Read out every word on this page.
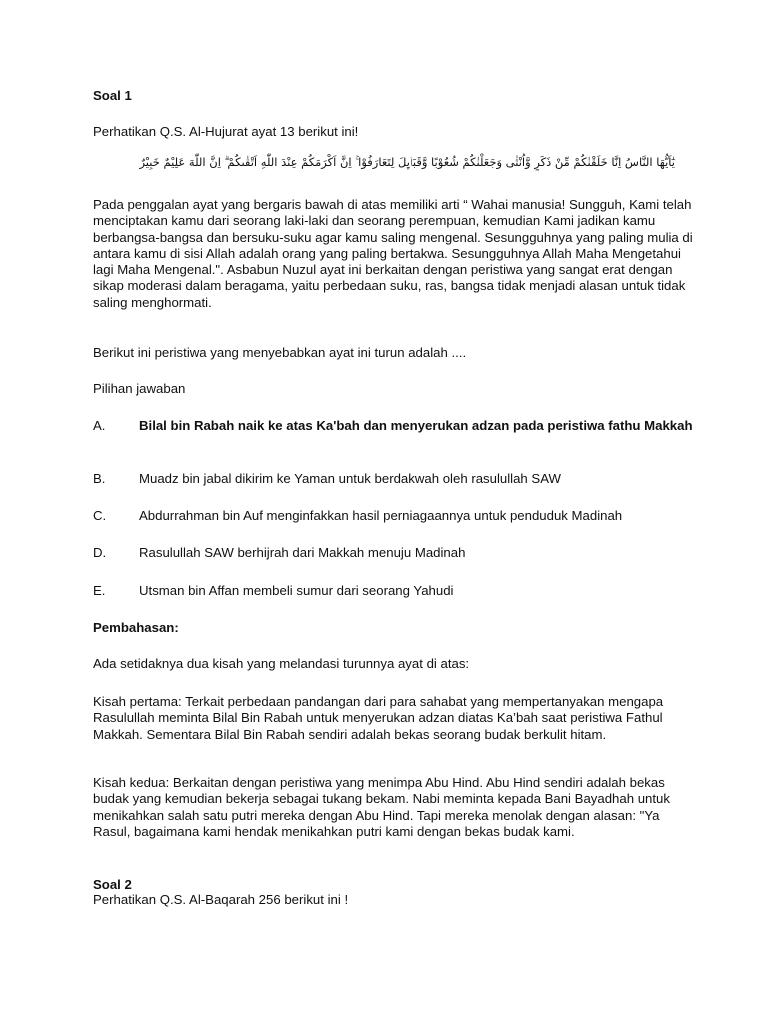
Soal 1

Perhatikan Q.S. Al-Hujurat ayat 13 berikut ini!

يٰٓاَيُّهَا النَّاسُ اِنَّا خَلَقْنٰكُمْ مِّنْ ذَكَرٍ وَّاُنْثٰى وَجَعَلْنٰكُمْ شُعُوْبًا وَّقَبَاۤىِٕلَ لِتَعَارَفُوْا ۚ اِنَّ اَكْرَمَكُمْ عِنْدَ اللّٰهِ اَتْقٰىكُمْ ۗ اِنَّ اللّٰهَ عَلِيْمٌ خَبِيْرٌ

Pada penggalan ayat yang bergaris bawah di atas memiliki arti “ Wahai manusia! Sungguh, Kami telah menciptakan kamu dari seorang laki-laki dan seorang perempuan, kemudian Kami jadikan kamu berbangsa-bangsa dan bersuku-suku agar kamu saling mengenal. Sesungguhnya yang paling mulia di antara kamu di sisi Allah adalah orang yang paling bertakwa. Sesungguhnya Allah Maha Mengetahui lagi Maha Mengenal.". Asbabun Nuzul ayat ini berkaitan dengan peristiwa yang sangat erat dengan sikap moderasi dalam beragama, yaitu perbedaan suku, ras, bangsa tidak menjadi alasan untuk tidak saling menghormati.

Berikut ini peristiwa yang menyebabkan ayat ini turun adalah ....

Pilihan jawaban

A.	Bilal bin Rabah naik ke atas Ka'bah dan menyerukan adzan pada peristiwa fathu Makkah
B.	Muadz bin jabal dikirim ke Yaman untuk berdakwah oleh rasulullah SAW
C.	Abdurrahman bin Auf menginfakkan hasil perniagaannya untuk penduduk Madinah
D.	Rasulullah SAW berhijrah dari Makkah menuju Madinah
E.	Utsman bin Affan membeli sumur dari seorang Yahudi

Pembahasan:

Ada setidaknya dua kisah yang melandasi turunnya ayat di atas:

Kisah pertama: Terkait perbedaan pandangan dari para sahabat yang mempertanyakan mengapa Rasulullah meminta Bilal Bin Rabah untuk menyerukan adzan diatas Ka’bah saat peristiwa Fathul Makkah. Sementara Bilal Bin Rabah sendiri adalah bekas seorang budak berkulit hitam.

Kisah kedua: Berkaitan dengan peristiwa yang menimpa Abu Hind. Abu Hind sendiri adalah bekas budak yang kemudian bekerja sebagai tukang bekam. Nabi meminta kepada Bani Bayadhah untuk menikahkan salah satu putri mereka dengan Abu Hind. Tapi mereka menolak dengan alasan: "Ya Rasul, bagaimana kami hendak menikahkan putri kami dengan bekas budak kami.

Soal 2

Perhatikan Q.S. Al-Baqarah 256 berikut ini !
